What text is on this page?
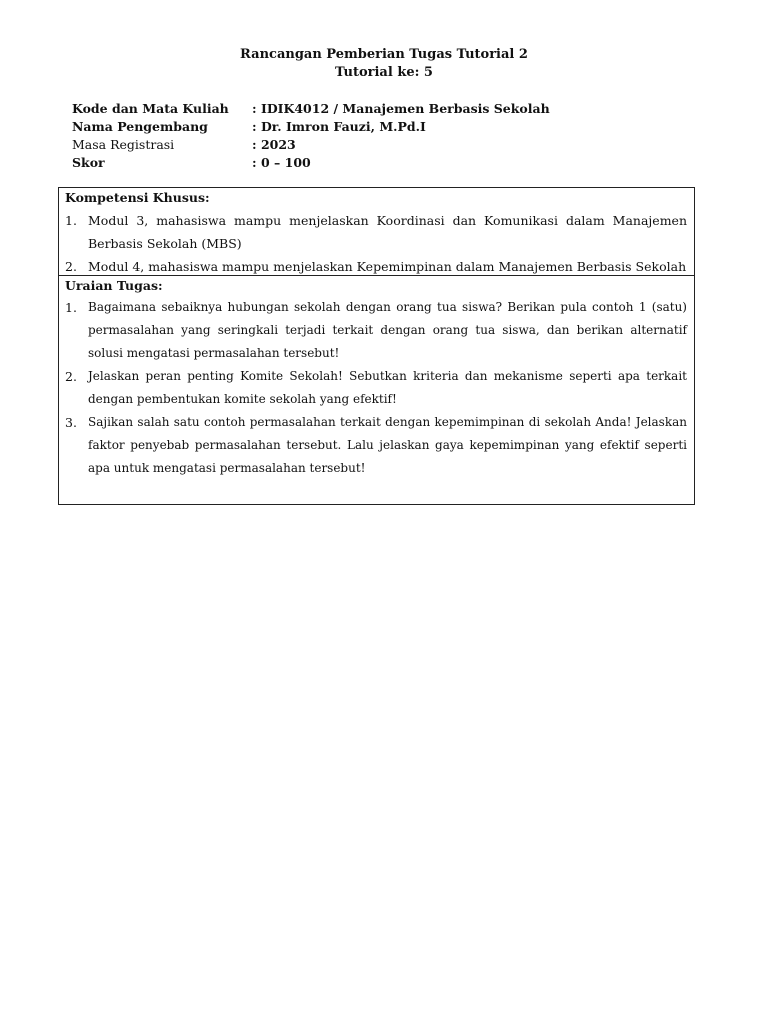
Rancangan Pemberian Tugas Tutorial 2
Tutorial ke: 5
Kode dan Mata Kuliah	: IDIK4012 / Manajemen Berbasis Sekolah
Nama Pengembang	: Dr. Imron Fauzi, M.Pd.I
Masa Registrasi	: 2023
Skor	: 0 – 100
Kompetensi Khusus:
1. Modul 3, mahasiswa mampu menjelaskan Koordinasi dan Komunikasi dalam Manajemen Berbasis Sekolah (MBS)
2. Modul 4, mahasiswa mampu menjelaskan Kepemimpinan dalam Manajemen Berbasis Sekolah
Uraian Tugas:
1. Bagaimana sebaiknya hubungan sekolah dengan orang tua siswa? Berikan pula contoh 1 (satu) permasalahan yang seringkali terjadi terkait dengan orang tua siswa, dan berikan alternatif solusi mengatasi permasalahan tersebut!
2. Jelaskan peran penting Komite Sekolah! Sebutkan kriteria dan mekanisme seperti apa terkait dengan pembentukan komite sekolah yang efektif!
3. Sajikan salah satu contoh permasalahan terkait dengan kepemimpinan di sekolah Anda! Jelaskan faktor penyebab permasalahan tersebut. Lalu jelaskan gaya kepemimpinan yang efektif seperti apa untuk mengatasi permasalahan tersebut!
